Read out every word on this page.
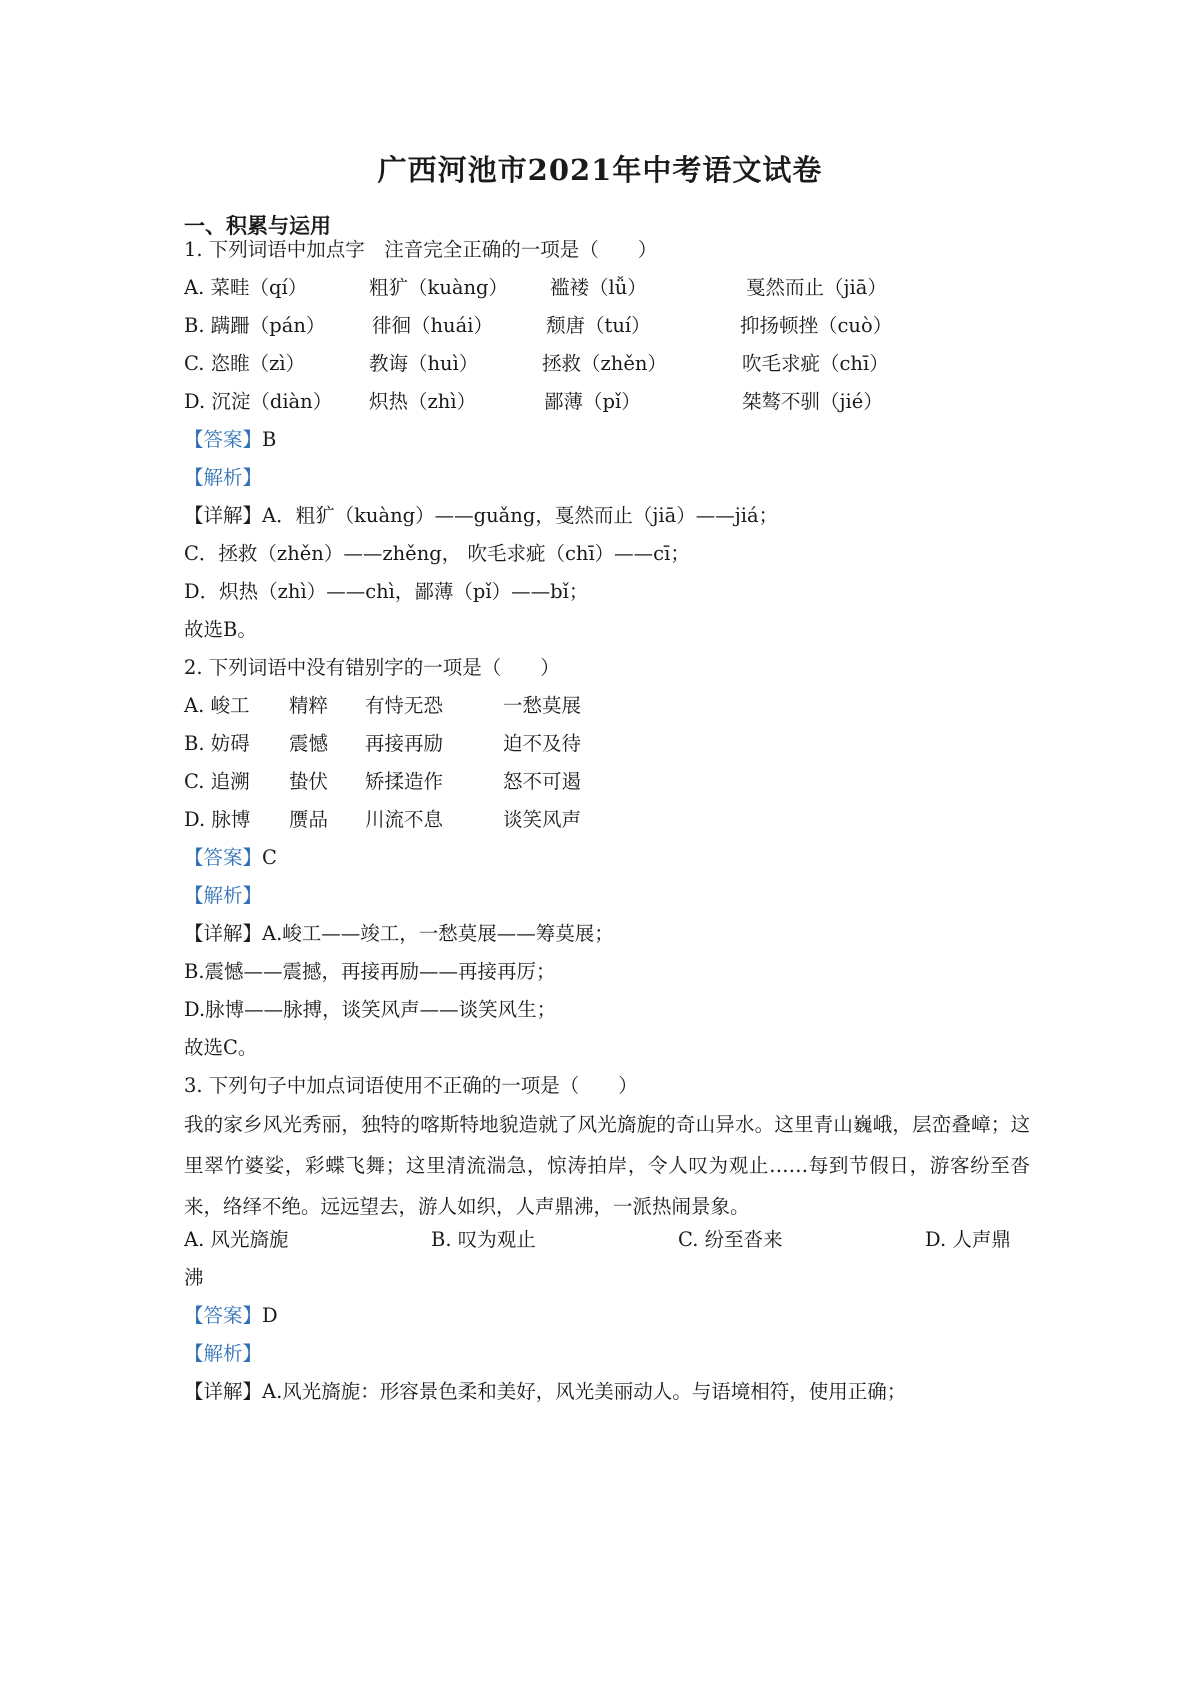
广西河池市2021年中考语文试卷
一、积累与运用
1. 下列词语中加点字　注音完全正确的一项是（　　）
A. 菜畦（qí）	粗犷（kuàng） 褴褛（lǚ）	戛然而止（jiā）
B. 蹒跚（pán） 徘徊（huái）	颓唐（tuí）	抑扬顿挫（cuò）
C. 恣睢（zì）	教诲（huì）	拯救（zhěn）	吹毛求疵（chī）
D. 沉淀（diàn） 炽热（zhì）	鄙薄（pǐ）	桀骜不驯（jié）
【答案】B
【解析】
【详解】A．粗犷（kuàng）——guǎng，戛然而止（jiā）——jiá；
C．拯救（zhěn）——zhěng， 吹毛求疵（chī）——cī；
D．炽热（zhì）——chì，鄙薄（pǐ）——bǐ；
故选B。
2. 下列词语中没有错别字的一项是（　　）
A. 峻工 精粹 有恃无恐	一愁莫展
B. 妨碍 震憾 再接再励	迫不及待
C. 追溯 蛰伏 矫揉造作	怒不可遏
D. 脉博 赝品 川流不息	谈笑风声
【答案】C
【解析】
【详解】A.峻工——竣工，一愁莫展——筹莫展；
B.震憾——震撼，再接再励——再接再厉；
D.脉博——脉搏，谈笑风声——谈笑风生；
故选C。
3. 下列句子中加点词语使用不正确的一项是（　　）
我的家乡风光秀丽，独特的喀斯特地貌造就了风光旖旎的奇山异水。这里青山巍峨，层峦叠嶂；这里翠竹婆娑，彩蝶飞舞；这里清流湍急，惊涛拍岸，令人叹为观止……每到节假日，游客纷至沓来，络绎不绝。远远望去，游人如织，人声鼎沸，一派热闹景象。
A. 风光旖旎	B. 叹为观止	C. 纷至沓来	D. 人声鼎
沸
【答案】D
【解析】
【详解】A.风光旖旎：形容景色柔和美好，风光美丽动人。与语境相符，使用正确；
